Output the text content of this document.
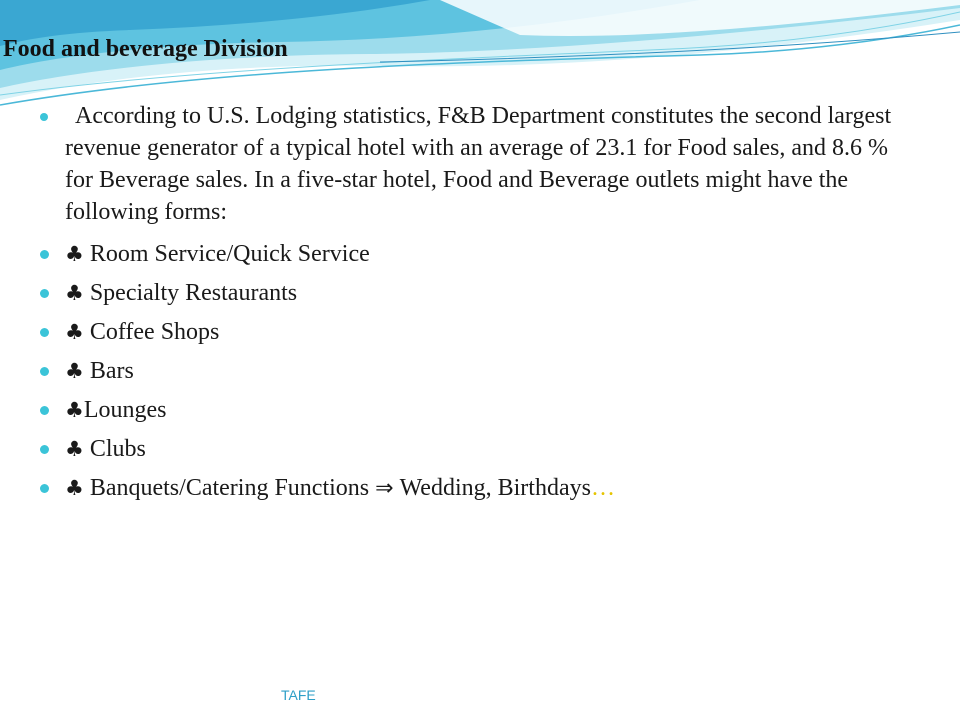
Food and beverage Division
According to U.S. Lodging statistics, F&B Department constitutes the second largest revenue generator of a typical hotel with an average of 23.1 for Food sales, and 8.6 % for Beverage sales. In a five-star hotel, Food and Beverage outlets might have the following forms:
♣ Room Service/Quick Service
♣ Specialty Restaurants
♣ Coffee Shops
♣ Bars
♣Lounges
♣ Clubs
♣ Banquets/Catering Functions ⇒ Wedding, Birthdays…
TAFE
